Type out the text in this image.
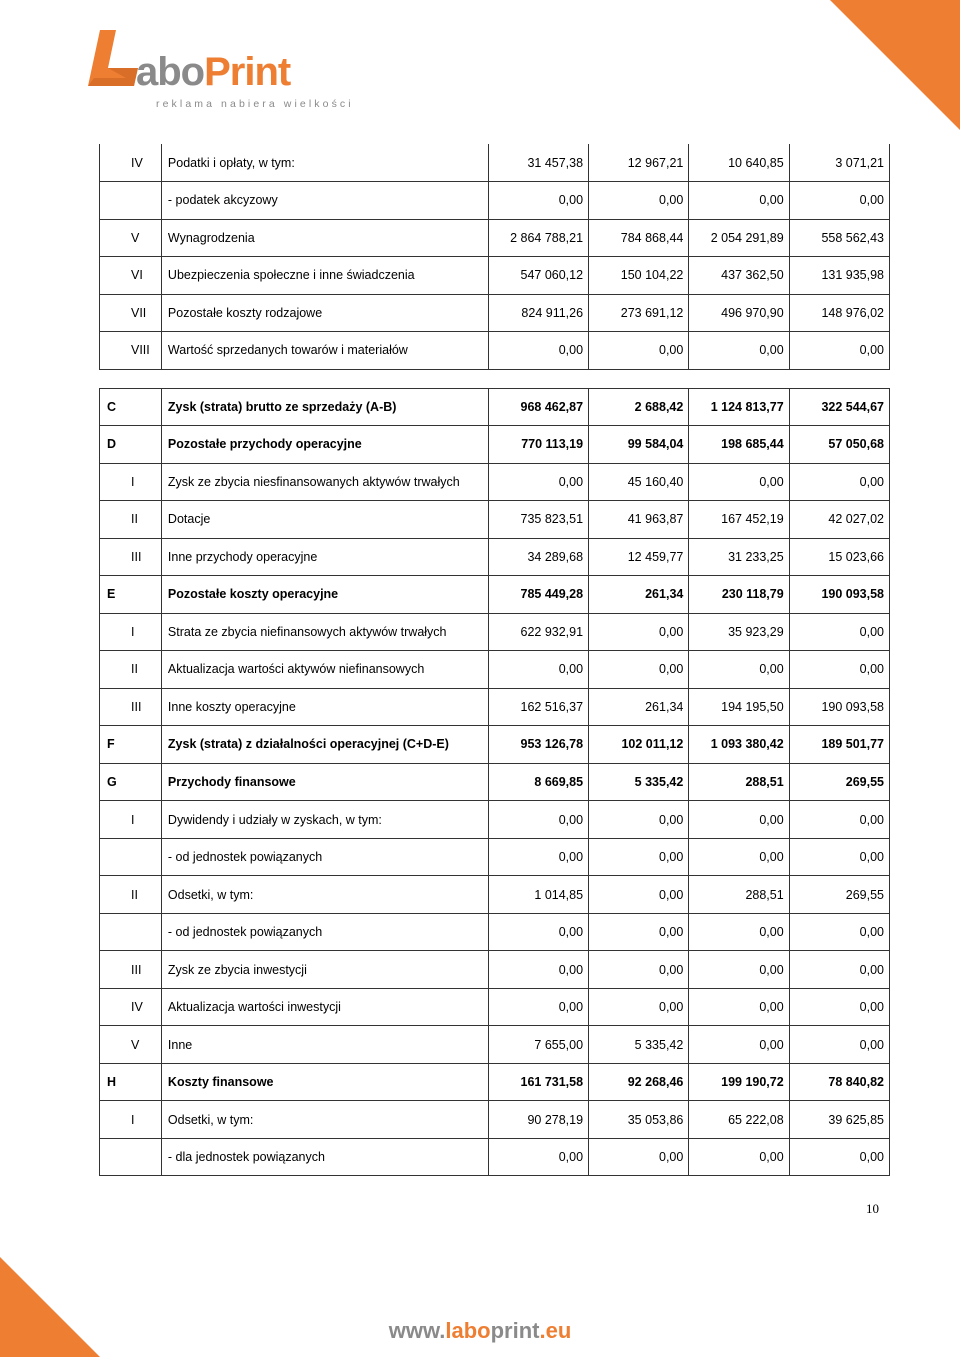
aboPrint
reklama nabiera wielkości
IV	Podatki i opłaty, w tym:	31 457,38	12 967,21	10 640,85	3 071,21
	- podatek akcyzowy	0,00	0,00	0,00	0,00
V	Wynagrodzenia	2 864 788,21	784 868,44	2 054 291,89	558 562,43
VI	Ubezpieczenia społeczne i inne świadczenia	547 060,12	150 104,22	437 362,50	131 935,98
VII	Pozostałe koszty rodzajowe	824 911,26	273 691,12	496 970,90	148 976,02
VIII	Wartość sprzedanych towarów i materiałów	0,00	0,00	0,00	0,00

C	Zysk (strata) brutto ze sprzedaży (A-B)	968 462,87	2 688,42	1 124 813,77	322 544,67
D	Pozostałe przychody operacyjne	770 113,19	99 584,04	198 685,44	57 050,68
I	Zysk ze zbycia niesfinansowanych aktywów trwałych	0,00	45 160,40	0,00	0,00
II	Dotacje	735 823,51	41 963,87	167 452,19	42 027,02
III	Inne przychody operacyjne	34 289,68	12 459,77	31 233,25	15 023,66
E	Pozostałe koszty operacyjne	785 449,28	261,34	230 118,79	190 093,58
I	Strata ze zbycia niefinansowych aktywów trwałych	622 932,91	0,00	35 923,29	0,00
II	Aktualizacja wartości aktywów niefinansowych	0,00	0,00	0,00	0,00
III	Inne koszty operacyjne	162 516,37	261,34	194 195,50	190 093,58
F	Zysk (strata) z działalności operacyjnej (C+D-E)	953 126,78	102 011,12	1 093 380,42	189 501,77
G	Przychody finansowe	8 669,85	5 335,42	288,51	269,55
I	Dywidendy i udziały w zyskach, w tym:	0,00	0,00	0,00	0,00
	- od jednostek powiązanych	0,00	0,00	0,00	0,00
II	Odsetki, w tym:	1 014,85	0,00	288,51	269,55
	- od jednostek powiązanych	0,00	0,00	0,00	0,00
III	Zysk ze zbycia inwestycji	0,00	0,00	0,00	0,00
IV	Aktualizacja wartości inwestycji	0,00	0,00	0,00	0,00
V	Inne	7 655,00	5 335,42	0,00	0,00
H	Koszty finansowe	161 731,58	92 268,46	199 190,72	78 840,82
I	Odsetki, w tym:	90 278,19	35 053,86	65 222,08	39 625,85
	- dla jednostek powiązanych	0,00	0,00	0,00	0,00
10
www.laboprint.eu
